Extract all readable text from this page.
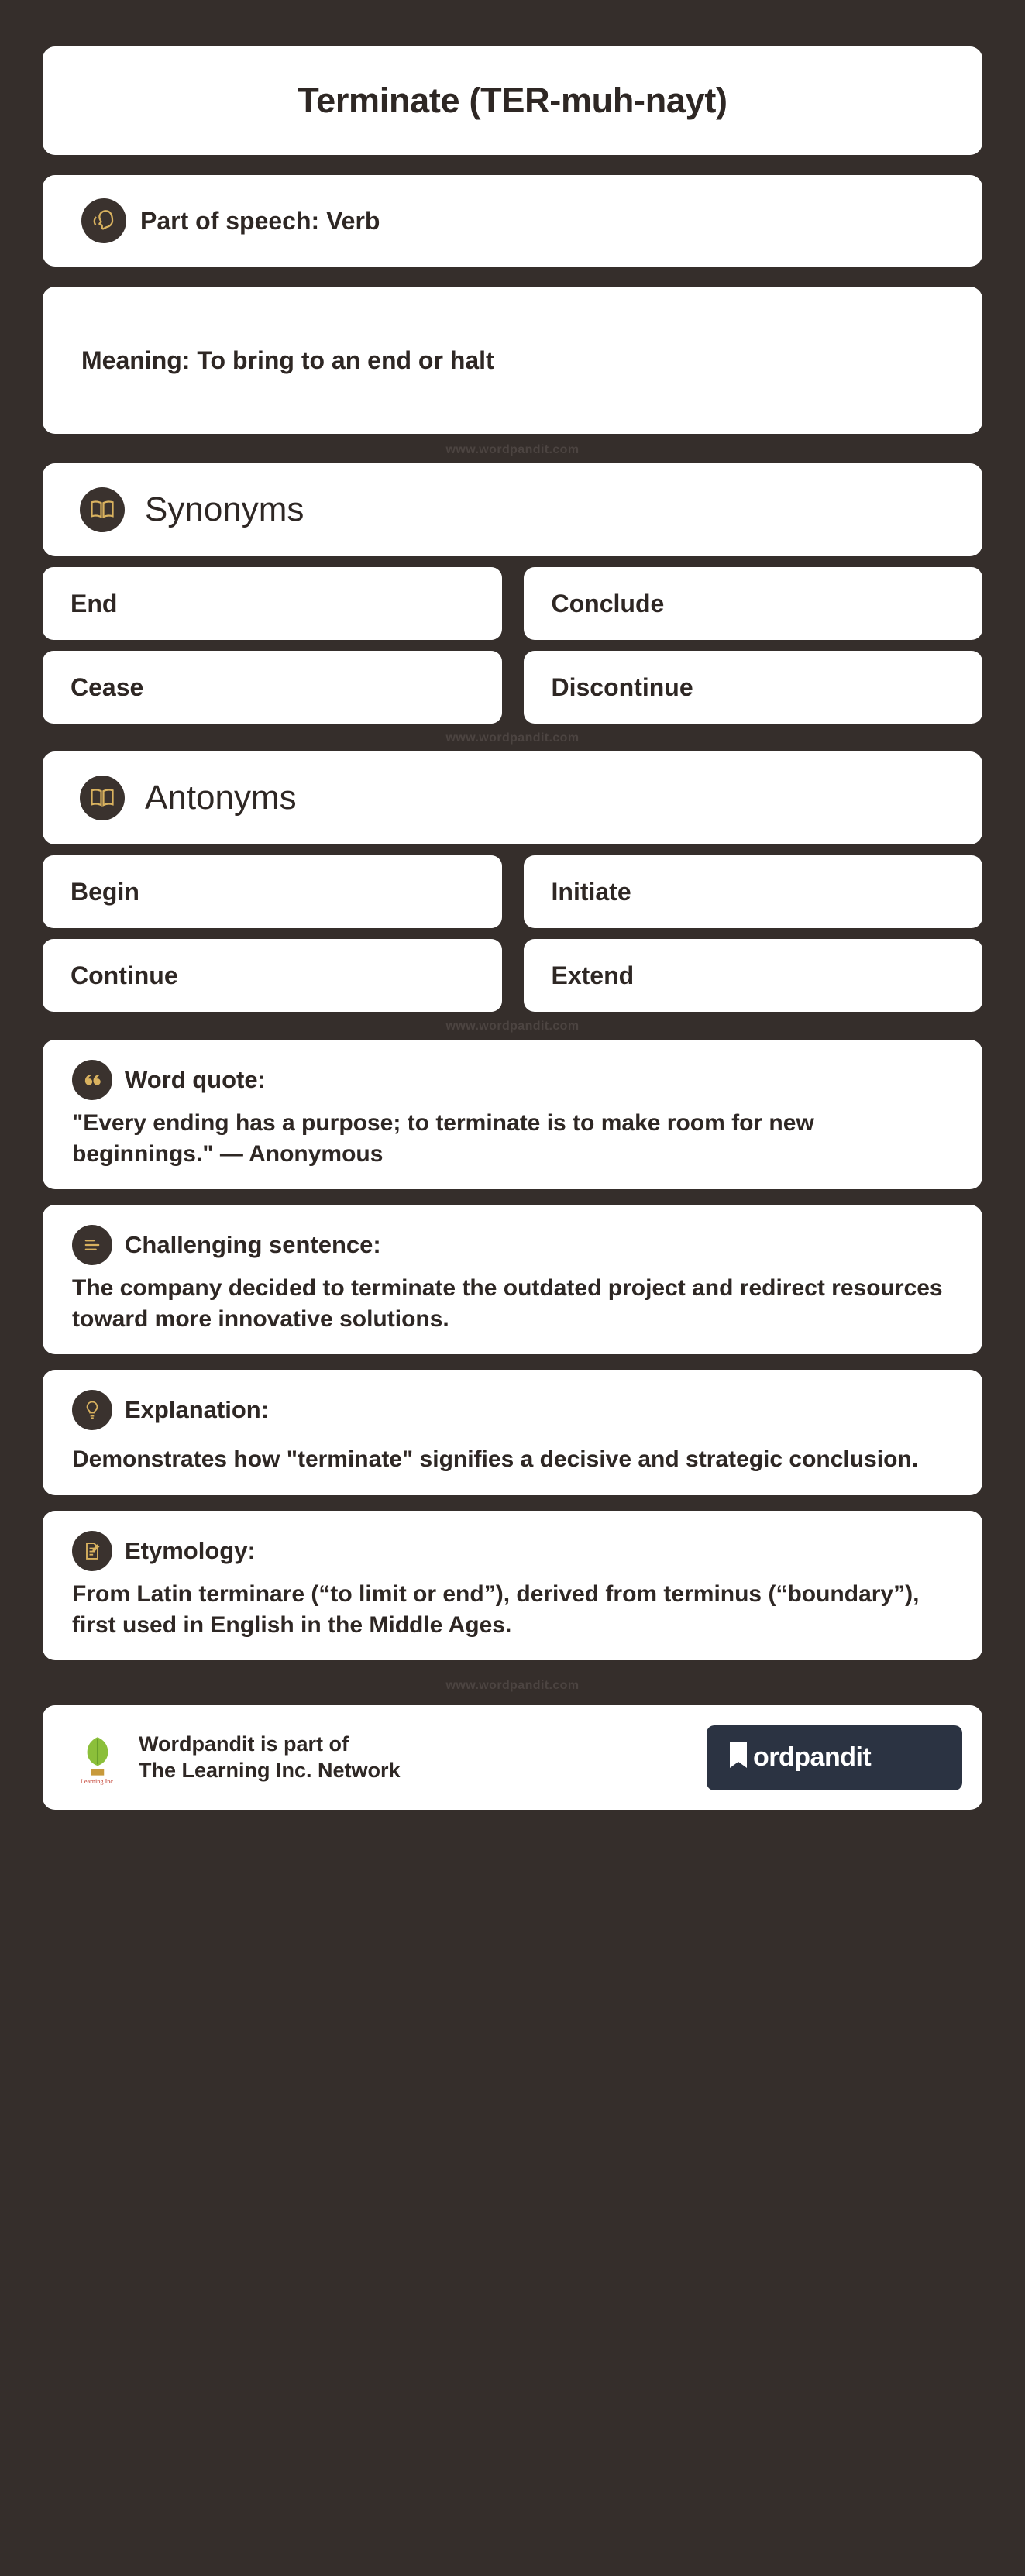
Terminate (TER-muh-nayt)
Part of speech: Verb
Meaning: To bring to an end or halt
www.wordpandit.com
Synonyms
End	Conclude
Cease	Discontinue
www.wordpandit.com
Antonyms
Begin	Initiate
Continue	Extend
www.wordpandit.com
Word quote:
"Every ending has a purpose; to terminate is to make room for new beginnings." — Anonymous
Challenging sentence:
The company decided to terminate the outdated project and redirect resources toward more innovative solutions.
Explanation:
Demonstrates how "terminate" signifies a decisive and strategic conclusion.
Etymology:
From Latin terminare (“to limit or end”), derived from terminus (“boundary”), first used in English in the Middle Ages.
www.wordpandit.com
Learning Inc.
Wordpandit is part of
The Learning Inc. Network	ordpandit
